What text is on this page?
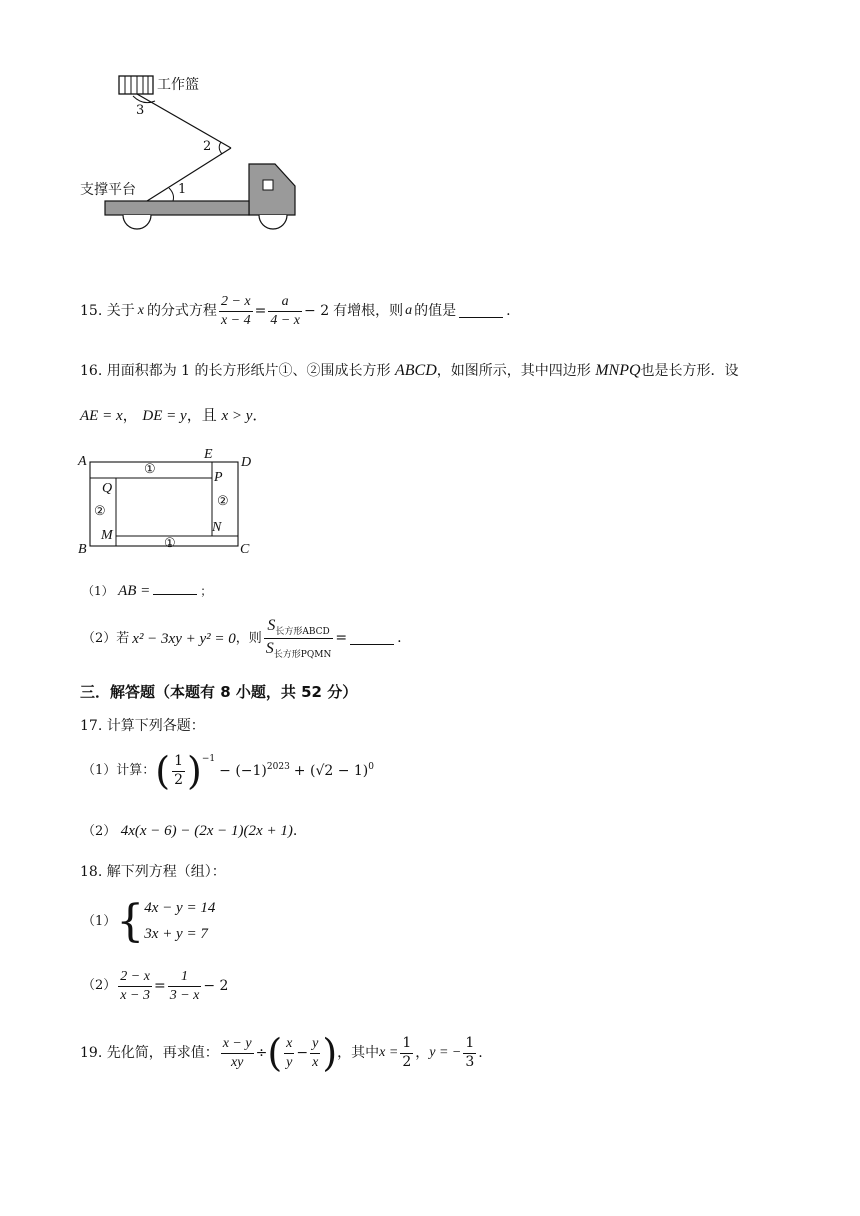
工作篮
支撑平台
3
2
1
15.
关于 x 的分式方程 $\frac{2 - x}{x - 4} = \frac{a}{4 - x} - 2$ 有增根，则 a 的值是	.
16. 用面积都为 1 的长方形纸片①、②围成长方形 ABCD，如图所示，其中四边形 MNPQ也是长方形．设
AE = x， DE = y，且 x > y．
A	E
D
Q
P
M
N
B	C
①
①
②
②
（1） AB =	；
（2）若 x² − 3xy + y² = 0 ，则 $\frac{S_{长方形ABCD}}{S_{长方形PQMN}}$ =	.
三．解答题（本题有 8 小题，共 52 分）
17. 计算下列各题：
（1）计算： ( $\frac{1}{2} )^{-1}$
− $(-1)^{2023} + (√2 - 1)^0$
（2） 4x(x − 6) − (2x − 1)(2x + 1).
18. 解下列方程（组）：
（1） { 4x − y = 14
3x + y = 7
$(2) \frac{2 - x}{x - 3} = \frac{1}{3 - x} - 2$
19.
先化简，再求值： $\frac{x - y}{xy}$ ÷ ( $\frac{x}{y} - \frac{y}{x}$ ) ，其中 $x = \frac{1}{2}$ ， y = − $\frac{1}{3}$ .
